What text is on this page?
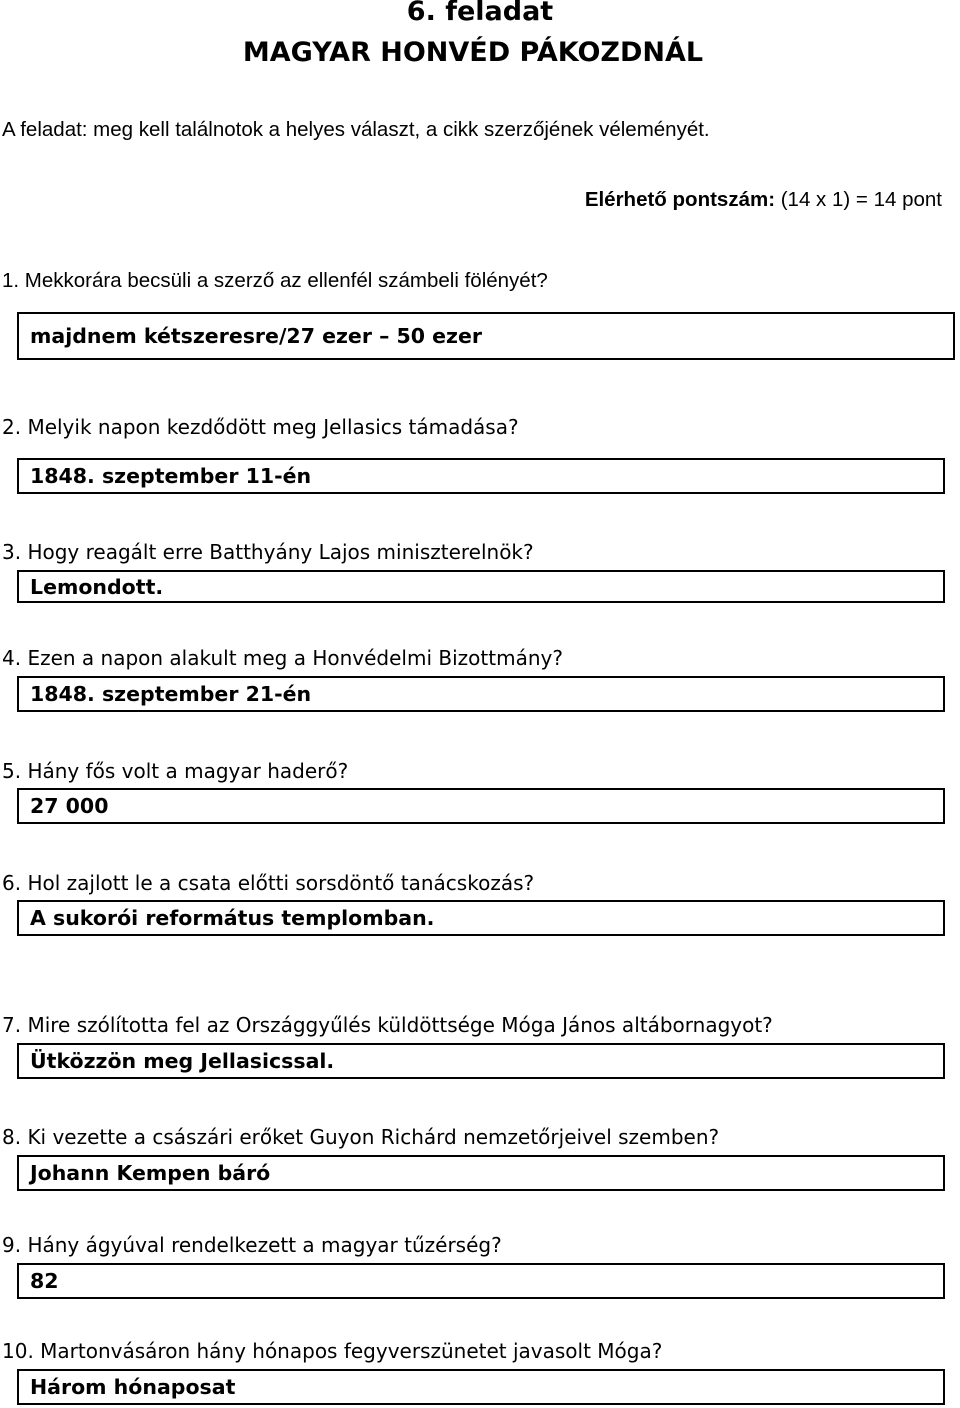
6. feladat
MAGYAR HONVÉD PÁKOZDNÁL
A feladat: meg kell találnotok a helyes választ, a cikk szerzőjének véleményét.
Elérhető pontszám: (14 x 1) = 14 pont
1. Mekkorára becsüli a szerző az ellenfél számbeli fölényét?
majdnem kétszeresre/27 ezer – 50 ezer
2. Melyik napon kezdődött meg Jellasics támadása?
1848. szeptember 11-én
3. Hogy reagált erre Batthyány Lajos miniszterelnök?
Lemondott.
4. Ezen a napon alakult meg a Honvédelmi Bizottmány?
1848. szeptember 21-én
5. Hány fős volt a magyar haderő?
27 000
6. Hol zajlott le a csata előtti sorsdöntő tanácskozás?
A sukorói református templomban.
7. Mire szólította fel az Országgyűlés küldöttsége Móga János altábornagyot?
Ütközzön meg Jellasicssal.
8. Ki vezette a császári erőket Guyon Richárd nemzetőrjeivel szemben?
Johann Kempen báró
9. Hány ágyúval rendelkezett a magyar tűzérség?
82
10. Martonvásáron hány hónapos fegyverszünetet javasolt Móga?
Három hónaposat
